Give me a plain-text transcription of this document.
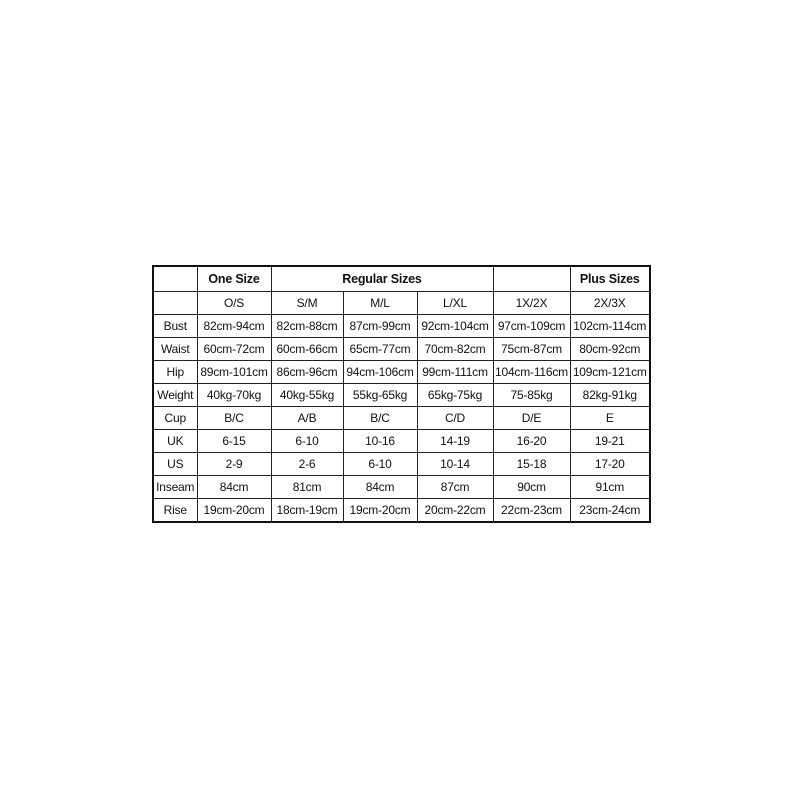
	One Size	Regular Sizes				Plus Sizes
	O/S	S/M	M/L	L/XL	1X/2X	2X/3X
Bust	82cm-94cm	82cm-88cm	87cm-99cm	92cm-104cm	97cm-109cm	102cm-114cm
Waist	60cm-72cm	60cm-66cm	65cm-77cm	70cm-82cm	75cm-87cm	80cm-92cm
Hip	89cm-101cm	86cm-96cm	94cm-106cm	99cm-111cm	104cm-116cm	109cm-121cm
Weight	40kg-70kg	40kg-55kg	55kg-65kg	65kg-75kg	75-85kg	82kg-91kg
Cup	B/C	A/B	B/C	C/D	D/E	E
UK	6-15	6-10	10-16	14-19	16-20	19-21
US	2-9	2-6	6-10	10-14	15-18	17-20
Inseam	84cm	81cm	84cm	87cm	90cm	91cm
Rise	19cm-20cm	18cm-19cm	19cm-20cm	20cm-22cm	22cm-23cm	23cm-24cm
